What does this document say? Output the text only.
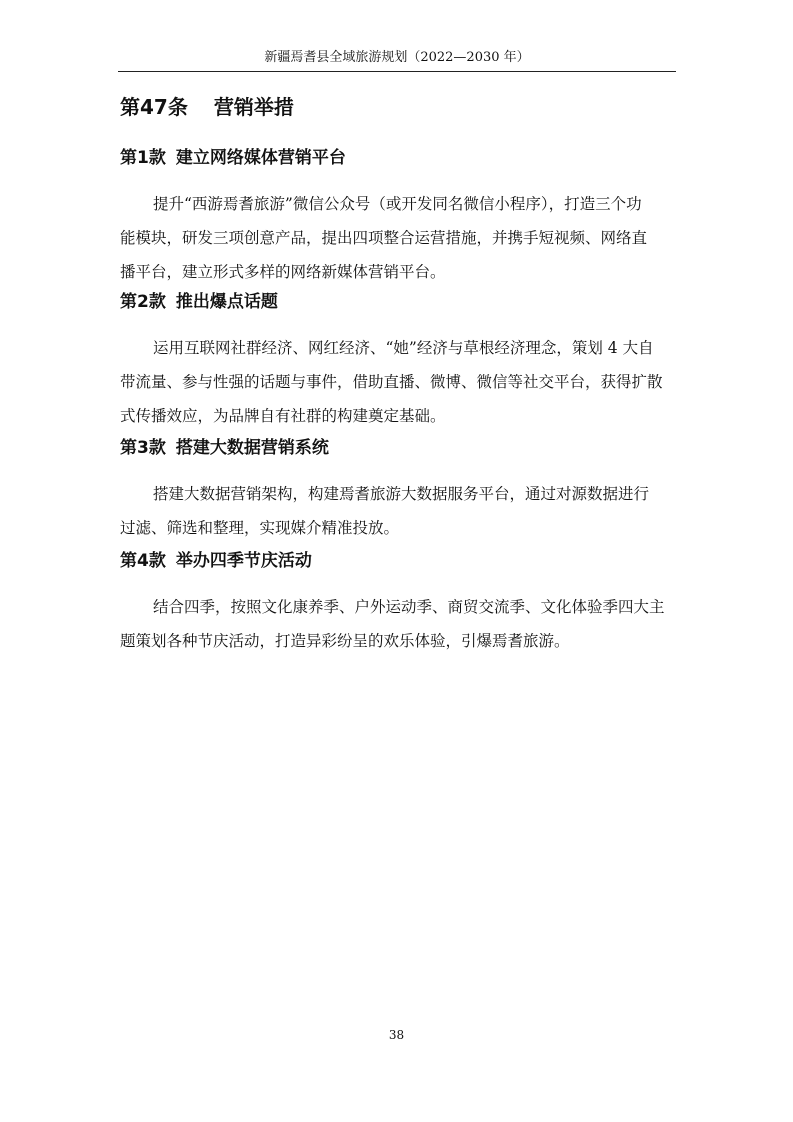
新疆焉耆县全域旅游规划（2022—2030 年）
第47条 营销举措
第1款 建立网络媒体营销平台

提升“西游焉耆旅游”微信公众号（或开发同名微信小程序），打造三个功
能模块，研发三项创意产品，提出四项整合运营措施，并携手短视频、网络直
播平台，建立形式多样的网络新媒体营销平台。

第2款 推出爆点话题

运用互联网社群经济、网红经济、“她”经济与草根经济理念，策划 4 大自
带流量、参与性强的话题与事件，借助直播、微博、微信等社交平台，获得扩散
式传播效应，为品牌自有社群的构建奠定基础。

第3款 搭建大数据营销系统

搭建大数据营销架构，构建焉耆旅游大数据服务平台，通过对源数据进行
过滤、筛选和整理，实现媒介精准投放。

第4款 举办四季节庆活动

结合四季，按照文化康养季、户外运动季、商贸交流季、文化体验季四大主
题策划各种节庆活动，打造异彩纷呈的欢乐体验，引爆焉耆旅游。

38
